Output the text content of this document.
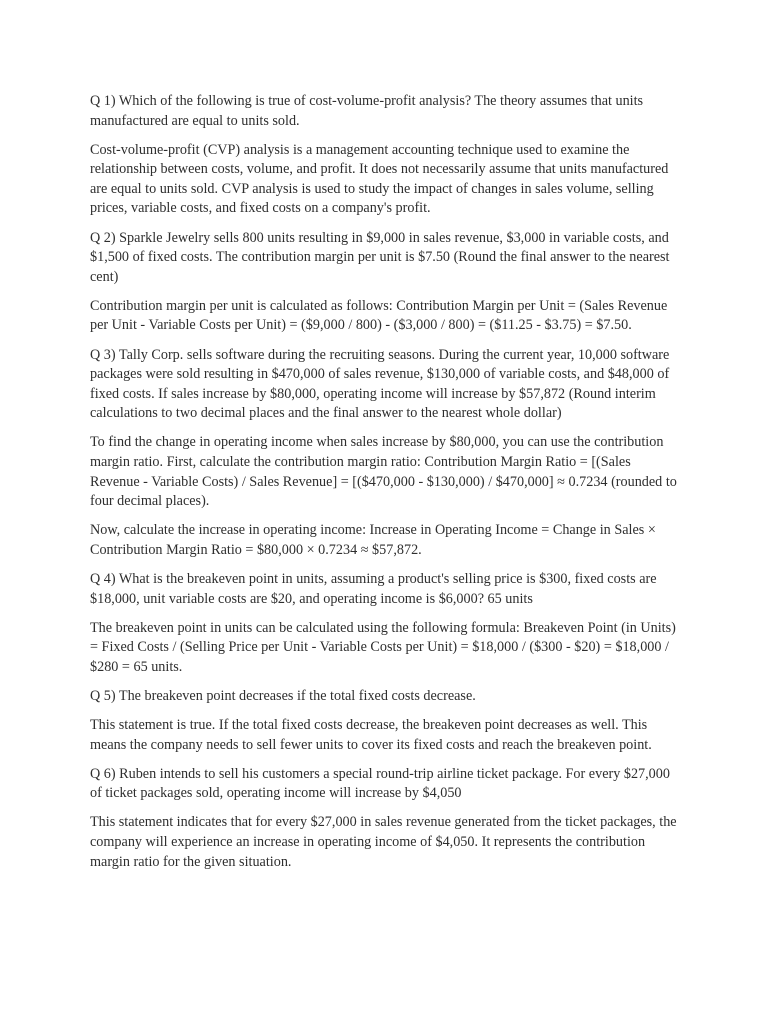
Q 1) Which of the following is true of cost-volume-profit analysis? The theory assumes that units manufactured are equal to units sold.

Cost-volume-profit (CVP) analysis is a management accounting technique used to examine the relationship between costs, volume, and profit. It does not necessarily assume that units manufactured are equal to units sold. CVP analysis is used to study the impact of changes in sales volume, selling prices, variable costs, and fixed costs on a company's profit.

Q 2) Sparkle Jewelry sells 800 units resulting in $9,000 in sales revenue, $3,000 in variable costs, and $1,500 of fixed costs. The contribution margin per unit is $7.50 (Round the final answer to the nearest cent)

Contribution margin per unit is calculated as follows: Contribution Margin per Unit = (Sales Revenue per Unit - Variable Costs per Unit) = ($9,000 / 800) - ($3,000 / 800) = ($11.25 - $3.75) = $7.50.

Q 3) Tally Corp. sells software during the recruiting seasons. During the current year, 10,000 software packages were sold resulting in $470,000 of sales revenue, $130,000 of variable costs, and $48,000 of fixed costs. If sales increase by $80,000, operating income will increase by $57,872 (Round interim calculations to two decimal places and the final answer to the nearest whole dollar)

To find the change in operating income when sales increase by $80,000, you can use the contribution margin ratio. First, calculate the contribution margin ratio: Contribution Margin Ratio = [(Sales Revenue - Variable Costs) / Sales Revenue] = [($470,000 - $130,000) / $470,000] ≈ 0.7234 (rounded to four decimal places).

Now, calculate the increase in operating income: Increase in Operating Income = Change in Sales × Contribution Margin Ratio = $80,000 × 0.7234 ≈ $57,872.

Q 4) What is the breakeven point in units, assuming a product's selling price is $300, fixed costs are $18,000, unit variable costs are $20, and operating income is $6,000? 65 units

The breakeven point in units can be calculated using the following formula: Breakeven Point (in Units) = Fixed Costs / (Selling Price per Unit - Variable Costs per Unit) = $18,000 / ($300 - $20) = $18,000 / $280 = 65 units.

Q 5) The breakeven point decreases if the total fixed costs decrease.

This statement is true. If the total fixed costs decrease, the breakeven point decreases as well. This means the company needs to sell fewer units to cover its fixed costs and reach the breakeven point.

Q 6) Ruben intends to sell his customers a special round-trip airline ticket package. For every $27,000 of ticket packages sold, operating income will increase by $4,050

This statement indicates that for every $27,000 in sales revenue generated from the ticket packages, the company will experience an increase in operating income of $4,050. It represents the contribution margin ratio for the given situation.
